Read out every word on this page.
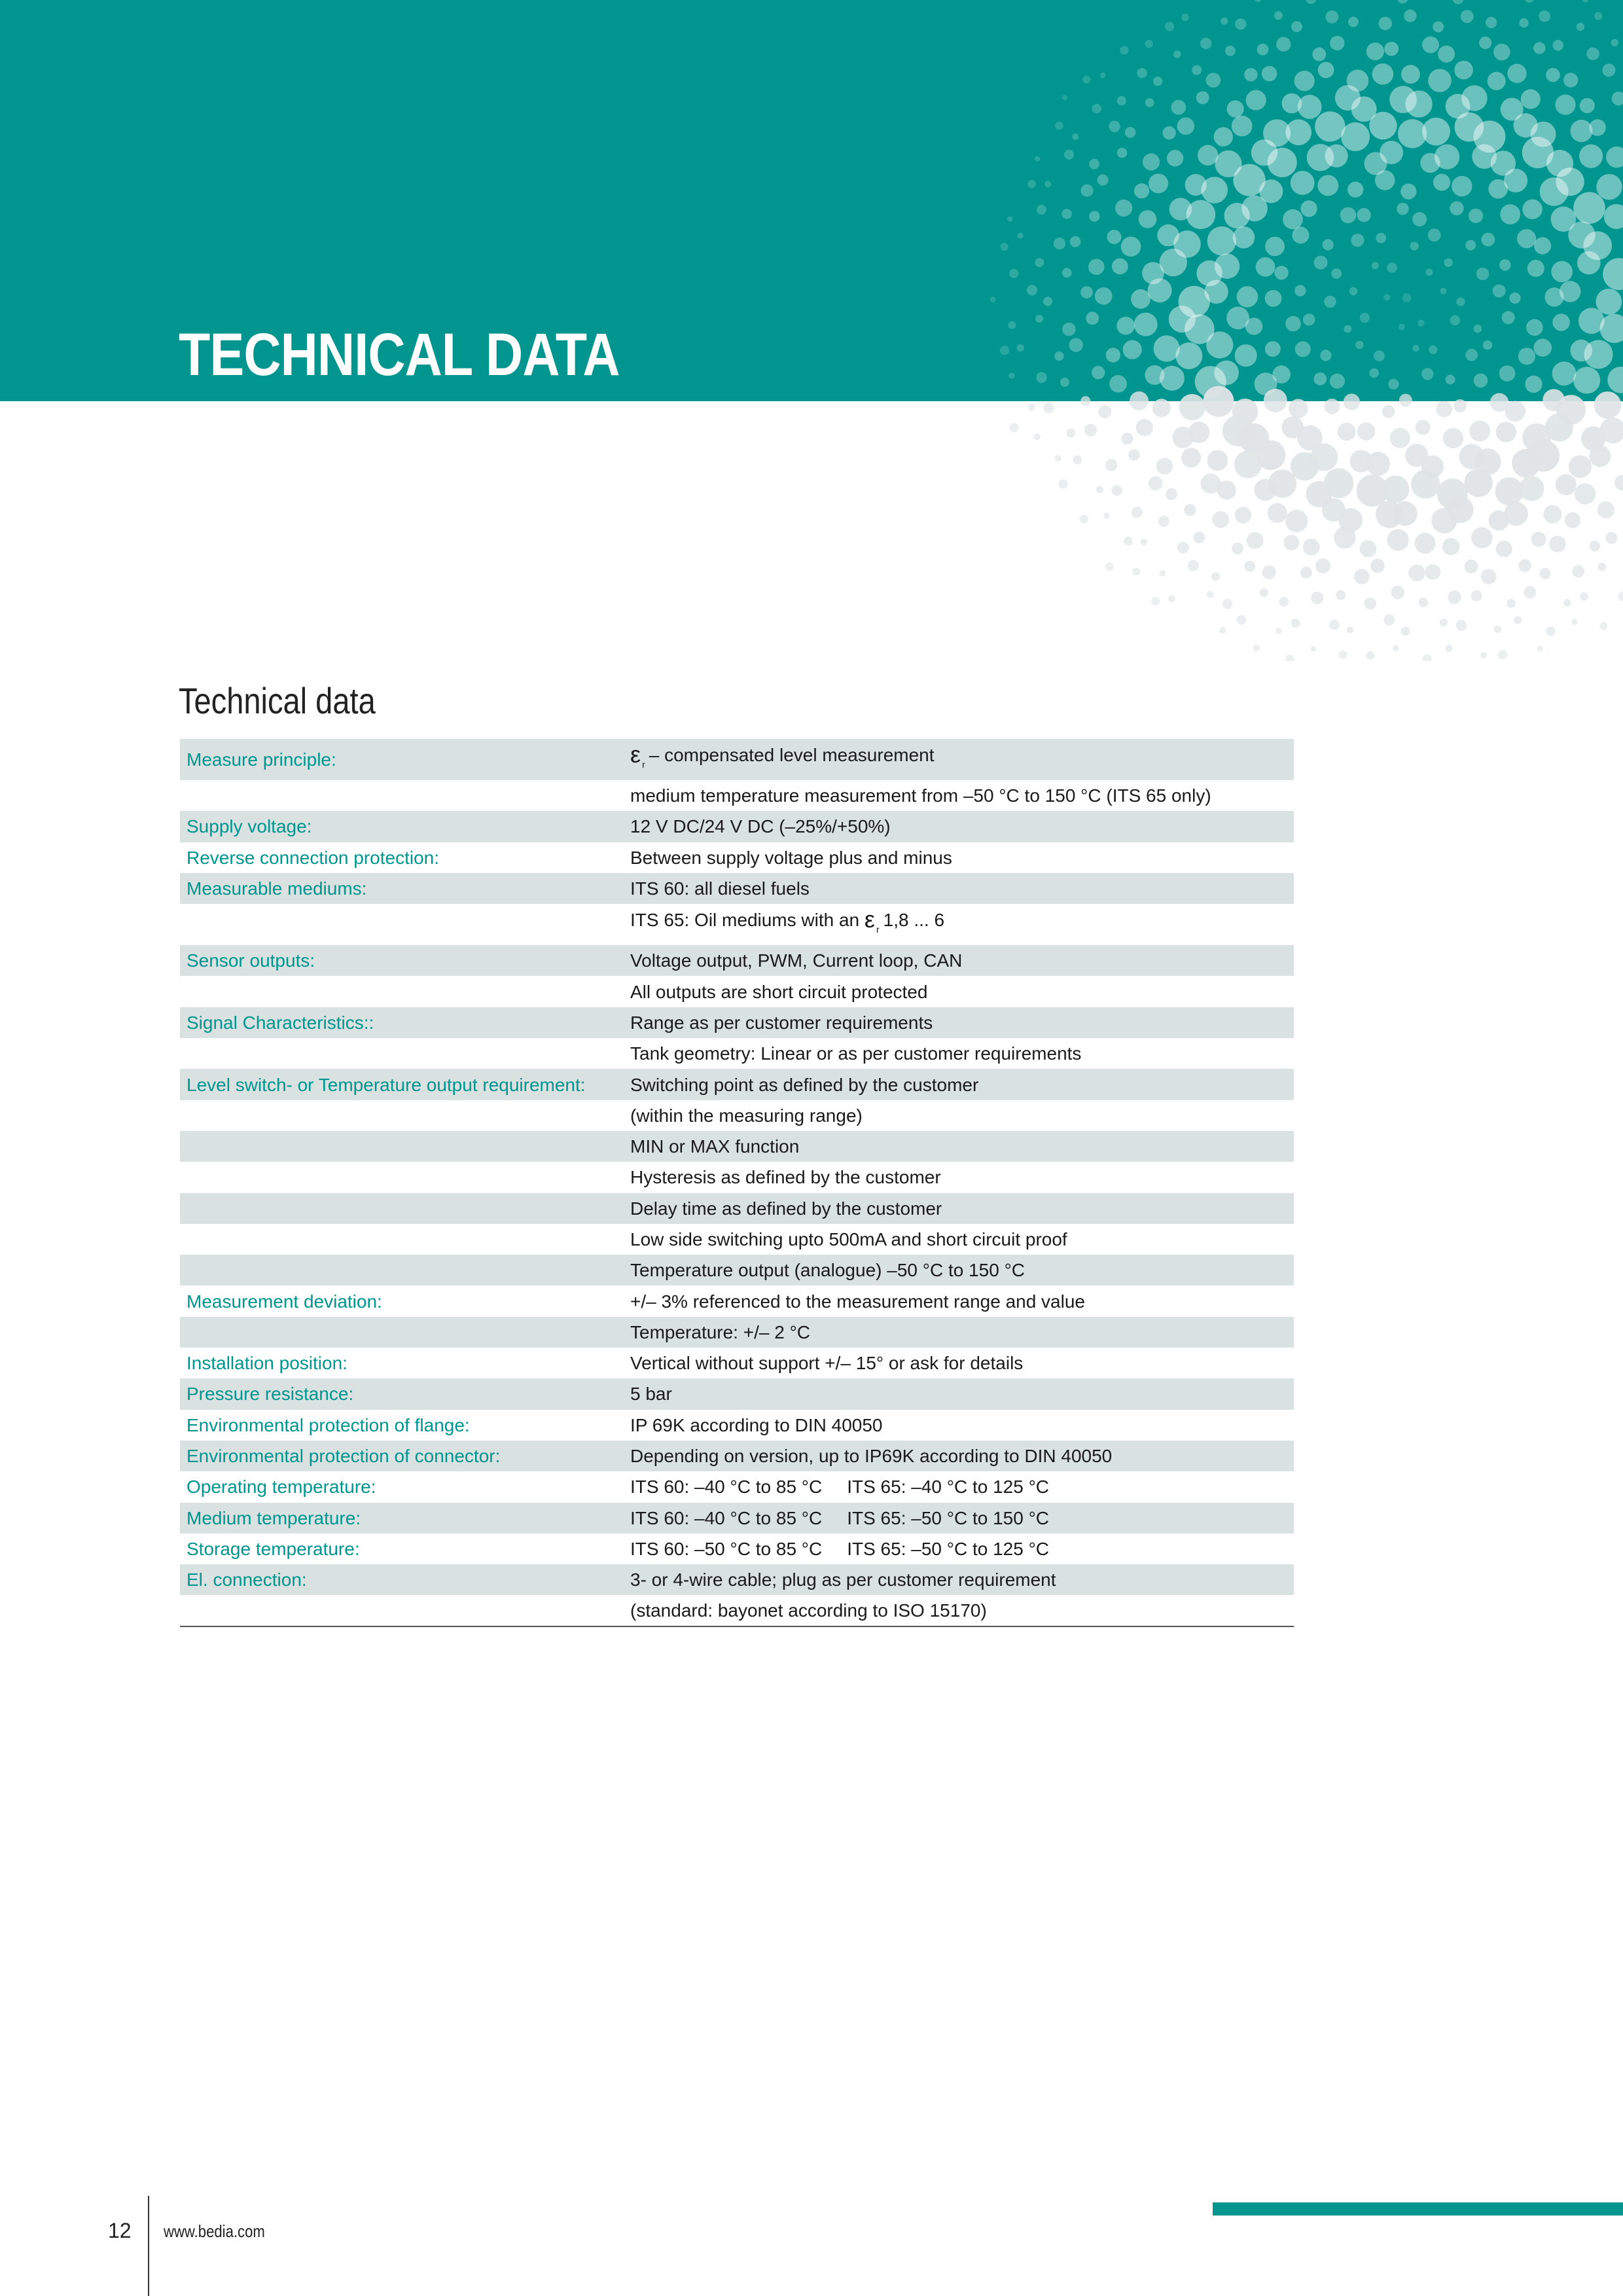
TECHNICAL DATA
Technical data
Measure principle:	ε $_r$ – compensated level measurement
	medium temperature measurement from –50 °C to 150 °C (ITS 65 only)
Supply voltage:	12 V DC/24 V DC (–25%/+50%)
Reverse connection protection:	Between supply voltage plus and minus
Measurable mediums:	ITS 60: all diesel fuels
	ITS 65: Oil mediums with an ε $_r$ 1,8 ... 6
Sensor outputs:	Voltage output, PWM, Current loop, CAN
	All outputs are short circuit protected
Signal Characteristics::	Range as per customer requirements
	Tank geometry: Linear or as per customer requirements
Level switch- or Temperature output requirement:	Switching point as defined by the customer
	(within the measuring range)
	MIN or MAX function
	Hysteresis as defined by the customer
	Delay time as defined by the customer
	Low side switching upto 500mA and short circuit proof
	Temperature output (analogue) –50 °C to 150 °C
Measurement deviation:	+/– 3% referenced to the measurement range and value
	Temperature: +/– 2 °C
Installation position:	Vertical without support +/– 15° or ask for details
Pressure resistance:	5 bar
Environmental protection of flange:	IP 69K according to DIN 40050
Environmental protection of connector:	Depending on version, up to IP69K according to DIN 40050
Operating temperature:	ITS 60: –40 °C to 85 °C ITS 65: –40 °C to 125 °C
Medium temperature:	ITS 60: –40 °C to 85 °C ITS 65: –50 °C to 150 °C
Storage temperature:	ITS 60: –50 °C to 85 °C ITS 65: –50 °C to 125 °C
El. connection:	3- or 4-wire cable; plug as per customer requirement
	(standard: bayonet according to ISO 15170)
12 www.bedia.com
